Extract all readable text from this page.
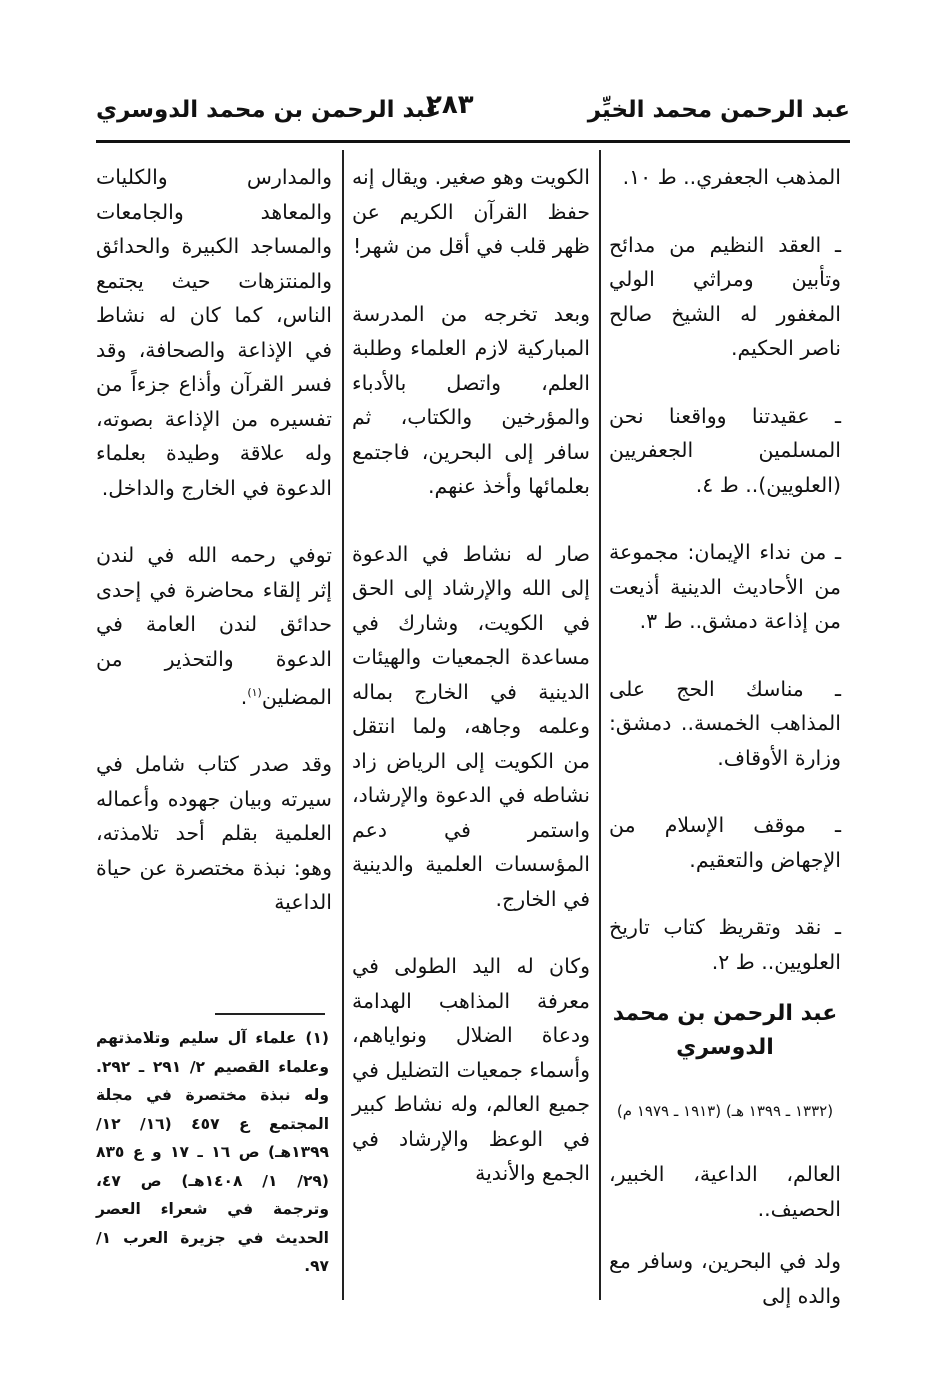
عبد الرحمن محمد الخيِّر
٢٨٣
عبد الرحمن بن محمد الدوسري

المذهب الجعفري.. ط ١٠.

ـ العقد النظيم من مدائح وتأبين ومراثي الولي المغفور له الشيخ صالح ناصر الحكيم.

ـ عقيدتنا وواقعنا نحن المسلمين الجعفريين (العلويين).. ط ٤.

ـ من نداء الإيمان: مجموعة من الأحاديث الدينية أذيعت من إذاعة دمشق.. ط ٣.

ـ مناسك الحج على المذاهب الخمسة.. دمشق: وزارة الأوقاف.

ـ موقف الإسلام من الإجهاض والتعقيم.

ـ نقد وتقريظ كتاب تاريخ العلويين.. ط ٢.

عبد الرحمن بن محمد الدوسري

(١٣٣٢ ـ ١٣٩٩ هـ) (١٩١٣ ـ ١٩٧٩ م)

العالم، الداعية، الخبير، الحصيف..

ولد في البحرين، وسافر مع والده إلى

الكويت وهو صغير. ويقال إنه حفظ القرآن الكريم عن ظهر قلب في أقل من شهر!

وبعد تخرجه من المدرسة المباركية لازم العلماء وطلبة العلم، واتصل بالأدباء والمؤرخين والكتاب، ثم سافر إلى البحرين، فاجتمع بعلمائها وأخذ عنهم.

صار له نشاط في الدعوة إلى الله والإرشاد إلى الحق في الكويت، وشارك في مساعدة الجمعيات والهيئات الدينية في الخارج بماله وعلمه وجاهه، ولما انتقل من الكويت إلى الرياض زاد نشاطه في الدعوة والإرشاد، واستمر في دعم المؤسسات العلمية والدينية في الخارج.

وكان له اليد الطولى في معرفة المذاهب الهدامة ودعاة الضلال ونواياهم، وأسماء جمعيات التضليل في جميع العالم، وله نشاط كبير في الوعظ والإرشاد في الجمع والأندية

والمدارس والكليات والمعاهد والجامعات والمساجد الكبيرة والحدائق والمنتزهات حيث يجتمع الناس، كما كان له نشاط في الإذاعة والصحافة، وقد فسر القرآن وأذاع جزءاً من تفسيره من الإذاعة بصوته، وله علاقة وطيدة بعلماء الدعوة في الخارج والداخل.

توفي رحمه الله في لندن إثر إلقاء محاضرة في إحدى حدائق لندن العامة في الدعوة والتحذير من المضلين$^{(١)}$.

وقد صدر كتاب شامل في سيرته وبيان جهوده وأعماله العلمية بقلم أحد تلامذته، وهو: نبذة مختصرة عن حياة الداعية

(١) علماء آل سليم وتلامذتهم وعلماء القصيم ٢/ ٢٩١ ـ ٢٩٢. وله نبذة مختصرة في مجلة المجتمع ع ٤٥٧ (١٦/ ١٢/ ١٣٩٩هـ) ص ١٦ ـ ١٧ و ع ٨٣٥ (٢٩/ ١/ ١٤٠٨هـ) ص ٤٧، وترجمة في شعراء العصر الحديث في جزيرة العرب ١/ ٩٧.
